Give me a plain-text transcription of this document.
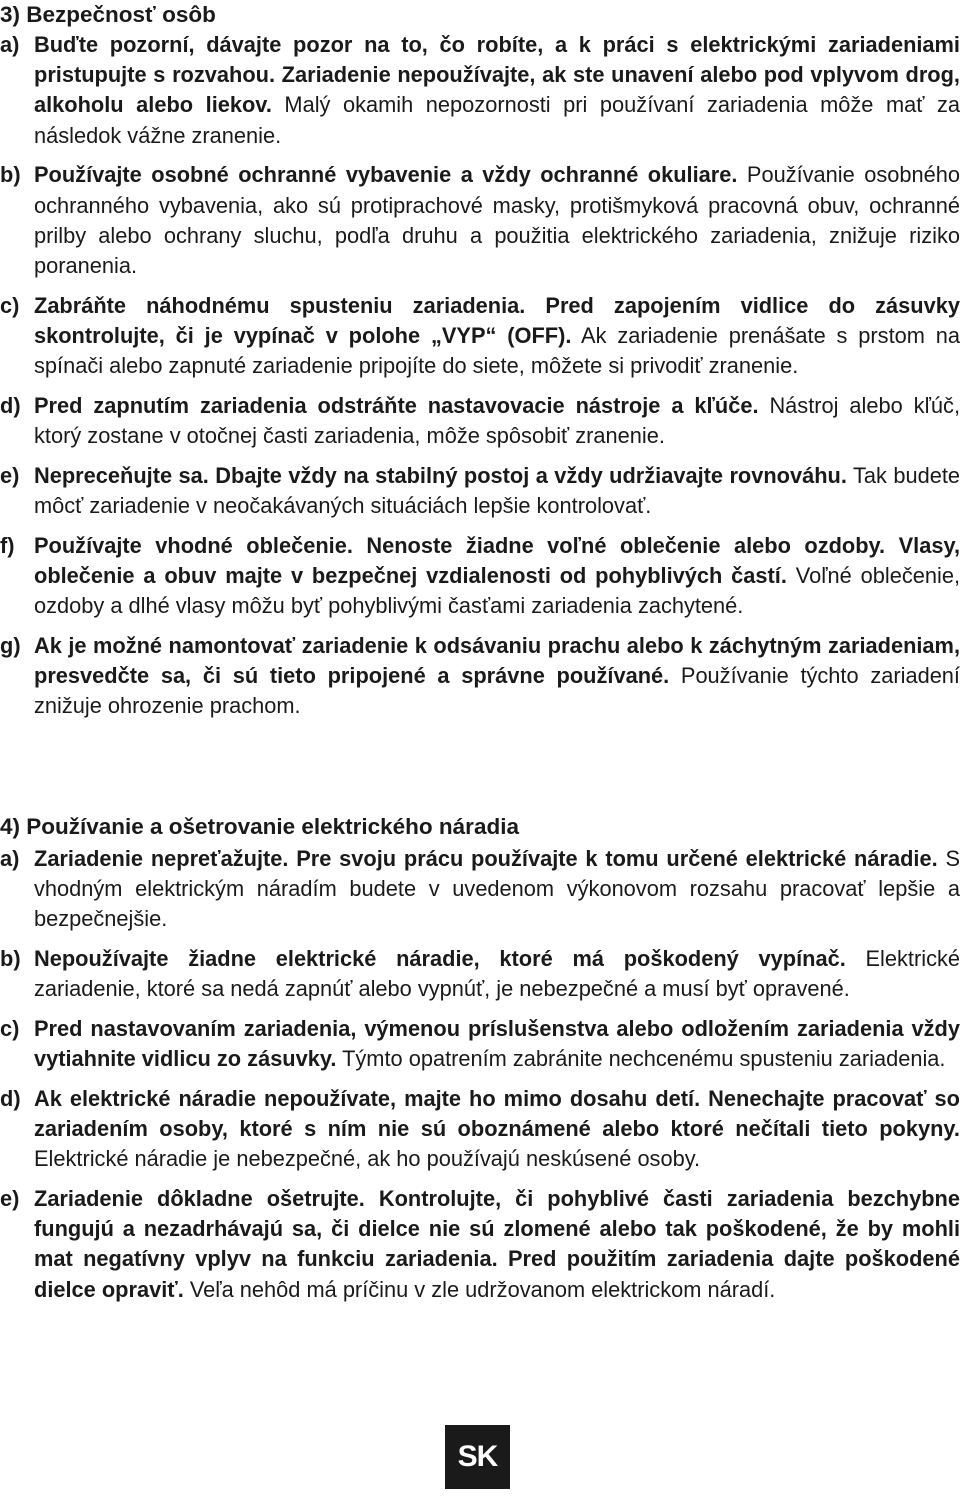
3) Bezpečnosť osôb

a) Buďte pozorní, dávajte pozor na to, čo robíte, a k práci s elektrickými zariadeniami pristupujte s rozvahou. Zariadenie nepoužívajte, ak ste unavení alebo pod vplyvom drog, alkoholu alebo liekov. Malý okamih nepozornosti pri používaní zariadenia môže mať za následok vážne zranenie.

b) Používajte osobné ochranné vybavenie a vždy ochranné okuliare. Používanie osobného ochranného vybavenia, ako sú protiprachové masky, protišmyková pracovná obuv, ochranné prilby alebo ochrany sluchu, podľa druhu a použitia elektrického zariadenia, znižuje riziko poranenia.

c) Zabráňte náhodnému spusteniu zariadenia. Pred zapojením vidlice do zásuvky skontrolujte, či je vypínač v polohe „VYP“ (OFF). Ak zariadenie prenášate s prstom na spínači alebo zapnuté zariadenie pripojíte do siete, môžete si privodiť zranenie.

d) Pred zapnutím zariadenia odstráňte nastavovacie nástroje a kľúče. Nástroj alebo kľúč, ktorý zostane v otočnej časti zariadenia, môže spôsobiť zranenie.

e) Nepreceňujte sa. Dbajte vždy na stabilný postoj a vždy udržiavajte rovnováhu. Tak budete môcť zariadenie v neočakávaných situáciách lepšie kontrolovať.

f) Používajte vhodné oblečenie. Nenoste žiadne voľné oblečenie alebo ozdoby. Vlasy, oblečenie a obuv majte v bezpečnej vzdialenosti od pohyblivých častí. Voľné oblečenie, ozdoby a dlhé vlasy môžu byť pohyblivými časťami zariadenia zachytené.

g) Ak je možné namontovať zariadenie k odsávaniu prachu alebo k záchytným zariadeniam, presvedčte sa, či sú tieto pripojené a správne používané. Používanie týchto zariadení znižuje ohrozenie prachom.

4) Používanie a ošetrovanie elektrického náradia

a) Zariadenie nepreťažujte. Pre svoju prácu používajte k tomu určené elektrické náradie. S vhodným elektrickým náradím budete v uvedenom výkonovom rozsahu pracovať lepšie a bezpečnejšie.

b) Nepoužívajte žiadne elektrické náradie, ktoré má poškodený vypínač. Elektrické zariadenie, ktoré sa nedá zapnúť alebo vypnúť, je nebezpečné a musí byť opravené.

c) Pred nastavovaním zariadenia, výmenou príslušenstva alebo odložením zariadenia vždy vytiahnite vidlicu zo zásuvky. Týmto opatrením zabránite nechcenému spusteniu zariadenia.

d) Ak elektrické náradie nepoužívate, majte ho mimo dosahu detí. Nenechajte pracovať so zariadením osoby, ktoré s ním nie sú oboznámené alebo ktoré nečítali tieto pokyny. Elektrické náradie je nebezpečné, ak ho používajú neskúsené osoby.

e) Zariadenie dôkladne ošetrujte. Kontrolujte, či pohyblivé časti zariadenia bezchybne fungujú a nezadrhávajú sa, či dielce nie sú zlomené alebo tak poškodené, že by mohli mat negatívny vplyv na funkciu zariadenia. Pred použitím zariadenia dajte poškodené dielce opraviť. Veľa nehôd má príčinu v zle udržovanom elektrickom náradí.

SK
